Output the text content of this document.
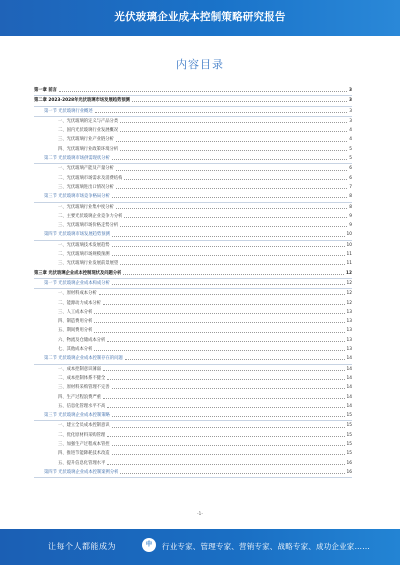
光伏玻璃企业成本控制策略研究报告
内容目录
第一章 前言	3
第二章 2023-2028年光伏玻璃市场发展趋势预测	3
第一节 光伏玻璃行业概述	3
一、光伏玻璃的定义与产品分类	3
二、国内光伏玻璃行业发展概况	4
三、光伏玻璃行业产业链分析	4
四、光伏玻璃行业政策环境分析	5
第二节 光伏玻璃市场供需现状分析	5
一、光伏玻璃产能及产量分析	6
二、光伏玻璃市场需求及消费结构	6
三、光伏玻璃进出口情况分析	7
第三节 光伏玻璃市场竞争格局分析	8
一、光伏玻璃行业集中度分析	8
二、主要光伏玻璃企业竞争力分析	9
三、光伏玻璃市场价格走势分析	9
第四节 光伏玻璃市场发展趋势预测	10
一、光伏玻璃技术发展趋势	10
二、光伏玻璃市场规模预测	11
三、光伏玻璃行业发展前景展望	11
第三章 光伏玻璃企业成本控制现状及问题分析	12
第一节 光伏玻璃企业成本构成分析	12
一、原材料成本分析	12
二、能源动力成本分析	12
三、人工成本分析	13
四、制造费用分析	13
五、期间费用分析	13
六、物流及仓储成本分析	13
七、其他成本分析	13
第二节 光伏玻璃企业成本控制存在的问题	14
一、成本控制意识薄弱	14
二、成本控制体系不健全	14
三、原材料采购管理不完善	14
四、生产过程浪费严重	14
五、信息化管理水平不高	14
第三节 光伏玻璃企业成本控制策略	15
一、建立全员成本控制意识	15
二、优化原材料采购管理	15
三、加强生产过程成本管控	15
四、推进节能降耗技术改造	15
五、提升信息化管理水平	16
第四节 光伏玻璃企业成本控制案例分析	16
-1-
让每个人都能成为	中	行业专家、管理专家、营销专家、战略专家、成功企业家……
